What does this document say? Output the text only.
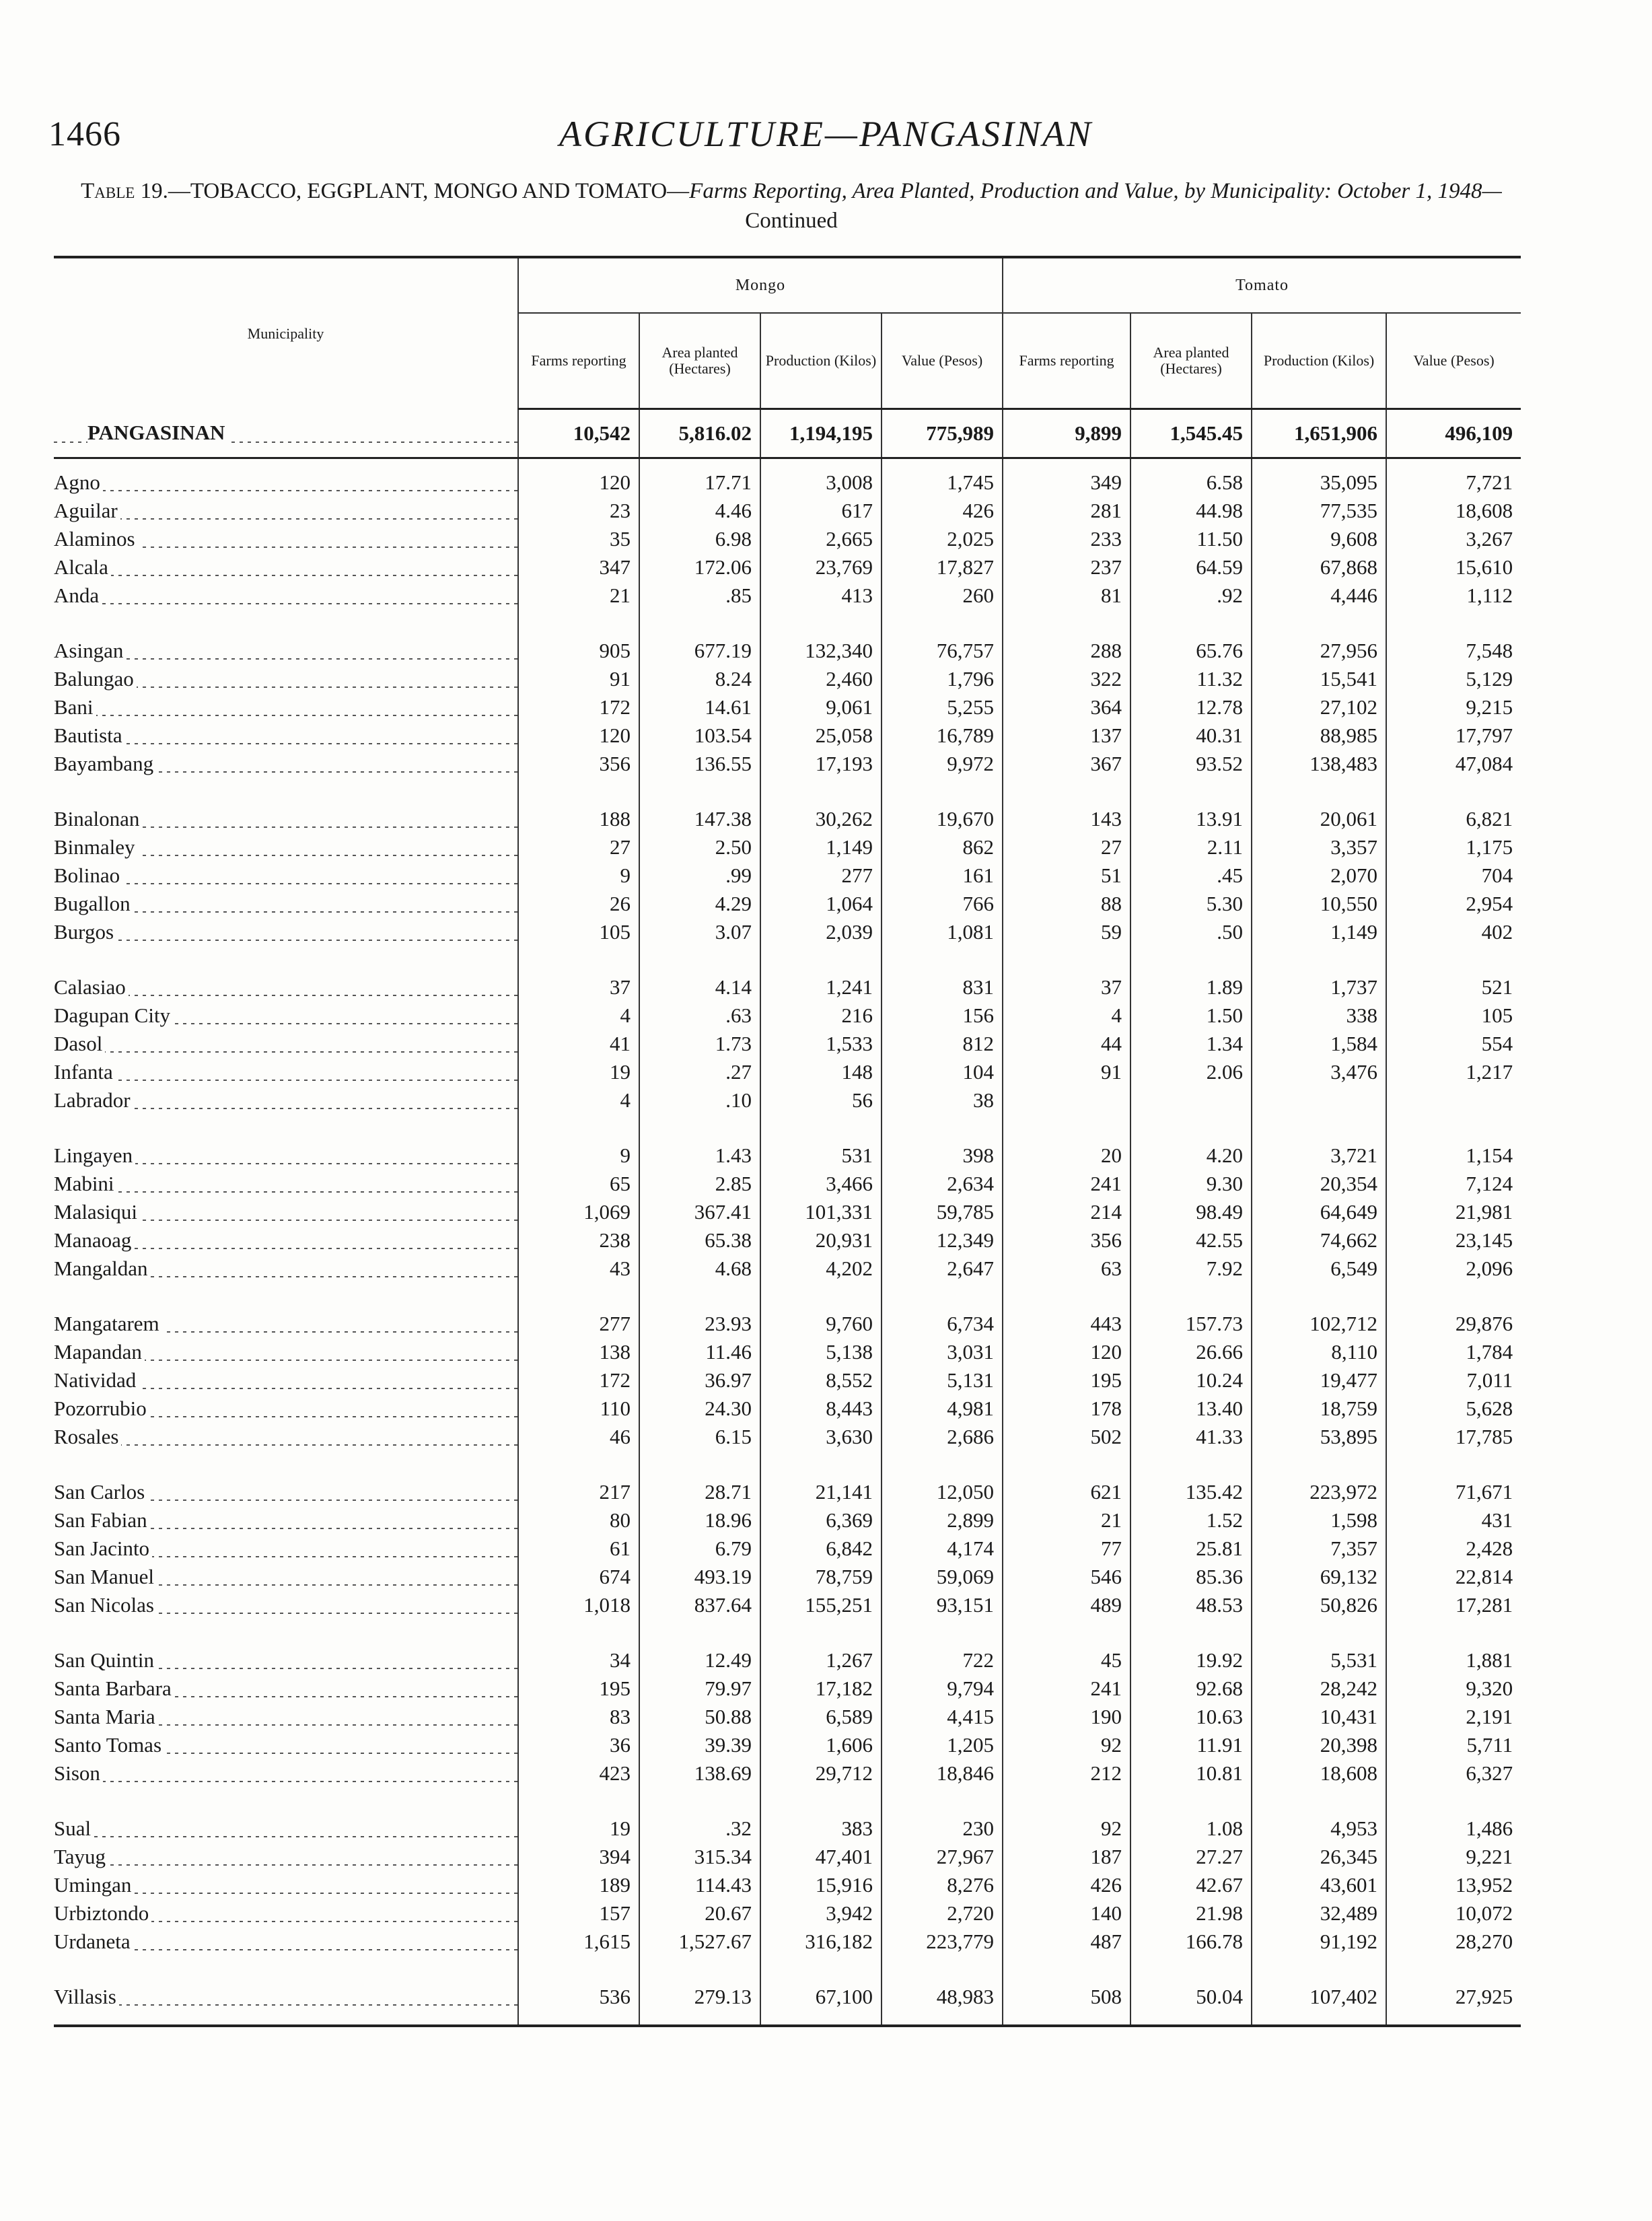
1466	AGRICULTURE—PANGASINAN
Table 19.—TOBACCO, EGGPLANT, MONGO AND TOMATO—Farms Reporting, Area Planted, Production and Value, by Municipality: October 1, 1948—Continued
Municipality	Mongo				Tomato			
	Farms reporting	Area planted (Hectares)	Production (Kilos)	Value (Pesos)	Farms reporting	Area planted (Hectares)	Production (Kilos)	Value (Pesos)
PANGASINAN	10,542	5,816.02	1,194,195	775,989	9,899	1,545.45	1,651,906	496,109
Agno	120	17.71	3,008	1,745	349	6.58	35,095	7,721
Aguilar	23	4.46	617	426	281	44.98	77,535	18,608
Alaminos	35	6.98	2,665	2,025	233	11.50	9,608	3,267
Alcala	347	172.06	23,769	17,827	237	64.59	67,868	15,610
Anda	21	.85	413	260	81	.92	4,446	1,112
Asingan	905	677.19	132,340	76,757	288	65.76	27,956	7,548
Balungao	91	8.24	2,460	1,796	322	11.32	15,541	5,129
Bani	172	14.61	9,061	5,255	364	12.78	27,102	9,215
Bautista	120	103.54	25,058	16,789	137	40.31	88,985	17,797
Bayambang	356	136.55	17,193	9,972	367	93.52	138,483	47,084
Binalonan	188	147.38	30,262	19,670	143	13.91	20,061	6,821
Binmaley	27	2.50	1,149	862	27	2.11	3,357	1,175
Bolinao	9	.99	277	161	51	.45	2,070	704
Bugallon	26	4.29	1,064	766	88	5.30	10,550	2,954
Burgos	105	3.07	2,039	1,081	59	.50	1,149	402
Calasiao	37	4.14	1,241	831	37	1.89	1,737	521
Dagupan City	4	.63	216	156	4	1.50	338	105
Dasol	41	1.73	1,533	812	44	1.34	1,584	554
Infanta	19	.27	148	104	91	2.06	3,476	1,217
Labrador	4	.10	56	38				
Lingayen	9	1.43	531	398	20	4.20	3,721	1,154
Mabini	65	2.85	3,466	2,634	241	9.30	20,354	7,124
Malasiqui	1,069	367.41	101,331	59,785	214	98.49	64,649	21,981
Manaoag	238	65.38	20,931	12,349	356	42.55	74,662	23,145
Mangaldan	43	4.68	4,202	2,647	63	7.92	6,549	2,096
Mangatarem	277	23.93	9,760	6,734	443	157.73	102,712	29,876
Mapandan	138	11.46	5,138	3,031	120	26.66	8,110	1,784
Natividad	172	36.97	8,552	5,131	195	10.24	19,477	7,011
Pozorrubio	110	24.30	8,443	4,981	178	13.40	18,759	5,628
Rosales	46	6.15	3,630	2,686	502	41.33	53,895	17,785
San Carlos	217	28.71	21,141	12,050	621	135.42	223,972	71,671
San Fabian	80	18.96	6,369	2,899	21	1.52	1,598	431
San Jacinto	61	6.79	6,842	4,174	77	25.81	7,357	2,428
San Manuel	674	493.19	78,759	59,069	546	85.36	69,132	22,814
San Nicolas	1,018	837.64	155,251	93,151	489	48.53	50,826	17,281
San Quintin	34	12.49	1,267	722	45	19.92	5,531	1,881
Santa Barbara	195	79.97	17,182	9,794	241	92.68	28,242	9,320
Santa Maria	83	50.88	6,589	4,415	190	10.63	10,431	2,191
Santo Tomas	36	39.39	1,606	1,205	92	11.91	20,398	5,711
Sison	423	138.69	29,712	18,846	212	10.81	18,608	6,327
Sual	19	.32	383	230	92	1.08	4,953	1,486
Tayug	394	315.34	47,401	27,967	187	27.27	26,345	9,221
Umingan	189	114.43	15,916	8,276	426	42.67	43,601	13,952
Urbiztondo	157	20.67	3,942	2,720	140	21.98	32,489	10,072
Urdaneta	1,615	1,527.67	316,182	223,779	487	166.78	91,192	28,270
Villasis	536	279.13	67,100	48,983	508	50.04	107,402	27,925
